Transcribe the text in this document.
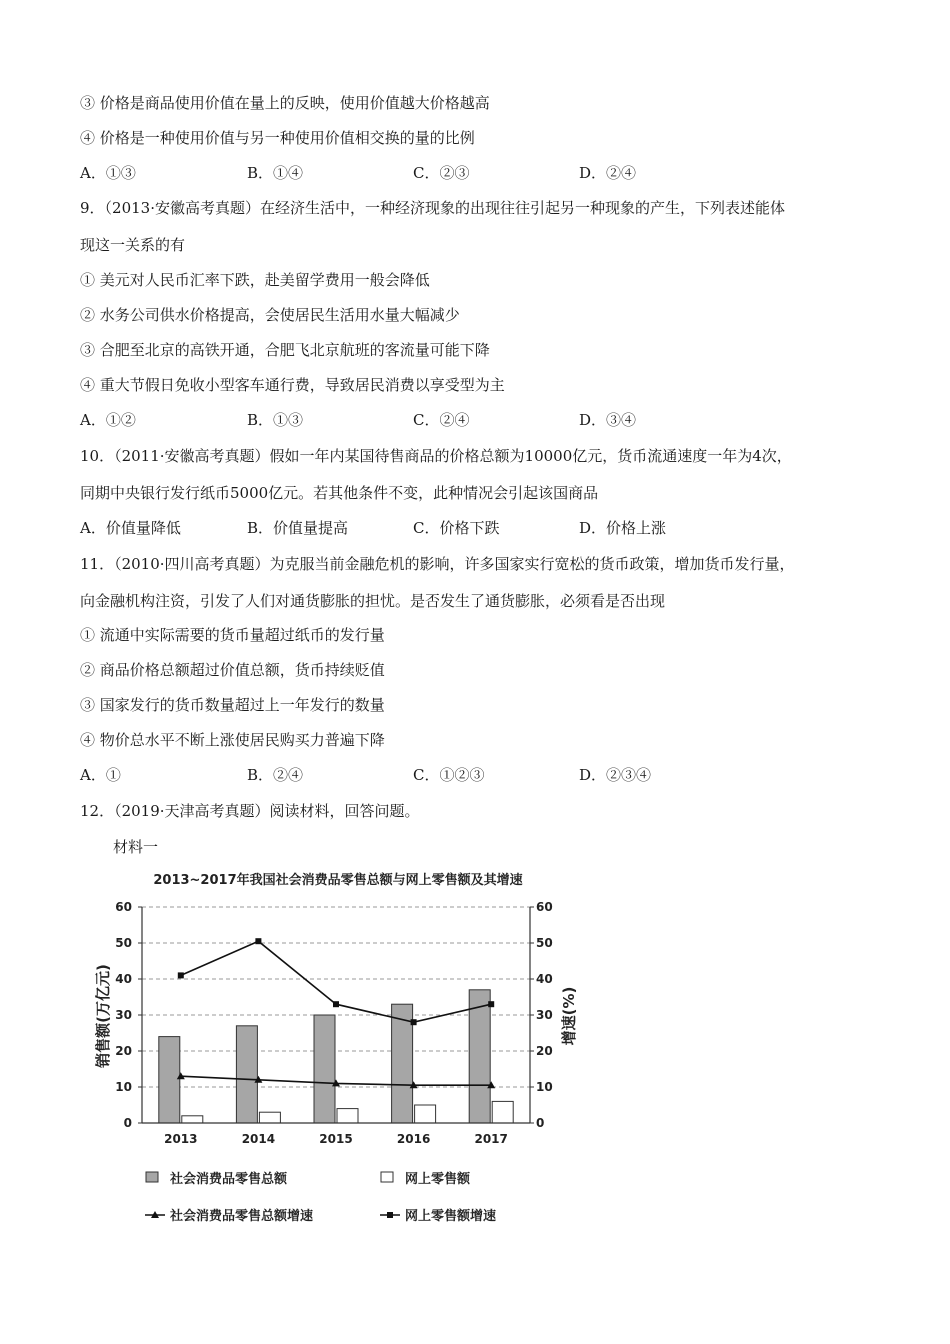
③ 价格是商品使用价值在量上的反映，使用价值越大价格越高
④ 价格是一种使用价值与另一种使用价值相交换的量的比例
A．①③	B．①④	C．②③	D．②④
9．（2013·安徽高考真题）在经济生活中，一种经济现象的出现往往引起另一种现象的产生，下列表述能体
现这一关系的有
① 美元对人民币汇率下跌，赴美留学费用一般会降低
② 水务公司供水价格提高，会使居民生活用水量大幅减少
③ 合肥至北京的高铁开通，合肥飞北京航班的客流量可能下降
④ 重大节假日免收小型客车通行费，导致居民消费以享受型为主
A．①②	B．①③	C．②④	D．③④
10．（2011·安徽高考真题）假如一年内某国待售商品的价格总额为10000亿元，货币流通速度一年为4次，
同期中央银行发行纸币5000亿元。若其他条件不变，此种情况会引起该国商品
A．价值量降低	B．价值量提高	C．价格下跌	D．价格上涨
11．（2010·四川高考真题）为克服当前金融危机的影响，许多国家实行宽松的货币政策，增加货币发行量，
向金融机构注资，引发了人们对通货膨胀的担忧。是否发生了通货膨胀，必须看是否出现
① 流通中实际需要的货币量超过纸币的发行量
② 商品价格总额超过价值总额，货币持续贬值
③ 国家发行的货币数量超过上一年发行的数量
④ 物价总水平不断上涨使居民购买力普遍下降
A．①	B．②④	C．①②③	D．②③④
12．（2019·天津高考真题）阅读材料，回答问题。
材料一
2013~2017年我国社会消费品零售总额与网上零售额及其增速
0	0
10	10
20	20
30	30
40	40
50	50
60	60
2013	2014	2015	2016	2017
销售额(万亿元)	增速(%)
社会消费品零售总额	网上零售额
社会消费品零售总额增速	网上零售额增速
